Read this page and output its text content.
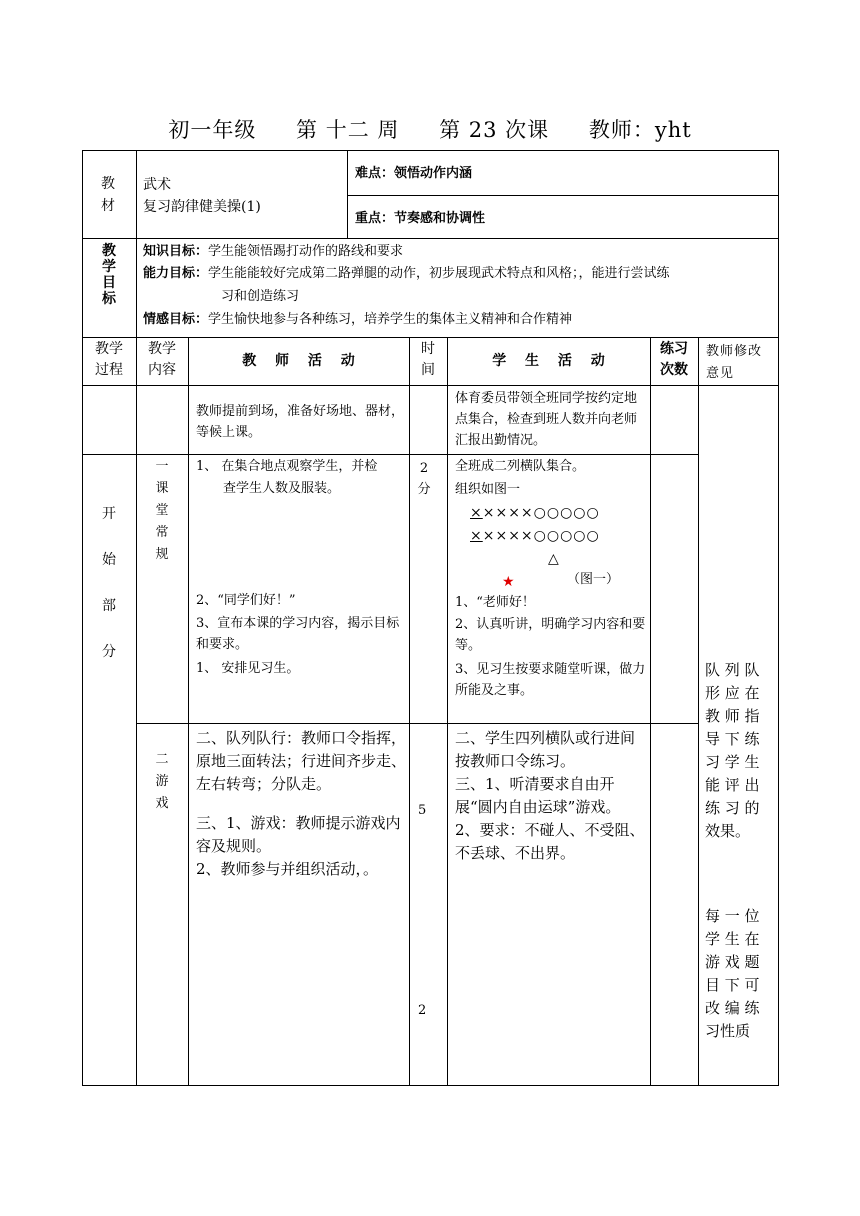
初一年级 第 十二 周 第 23 次课 教师：yht
教
材
武术
复习韵律健美操(1)
难点：领悟动作内涵
重点：节奏感和协调性
教
学
目
标
知识目标：学生能领悟踢打动作的路线和要求
能力目标：学生能能较好完成第二路弹腿的动作，初步展现武术特点和风格；，能进行尝试练
习和创造练习
情感目标：学生愉快地参与各种练习，培养学生的集体主义精神和合作精神
教学
过程
教学
内容
教 师 活 动
时
间
学 生 活 动
练习
次数
教师修改
意见
教师提前到场，准备好场地、器材，等候上课。
体育委员带领全班同学按约定地点集合，检查到班人数并向老师汇报出勤情况。
开

始

部

分
一
课
堂
常
规
1、 在集合地点观察学生，并检
查学生人数及服装。
2、“同学们好！”
3、宣布本课的学习内容，揭示目标和要求。
1、 安排见习生。
2
分
全班成二列横队集合。
组织如图一
×××××○○○○○
×××××○○○○○
△
★	（图一）
1、“老师好！
2、认真听讲，明确学习内容和要等。
3、见习生按要求随堂听课，做力所能及之事。
二
游
戏
二、队列队行：教师口令指挥，原地三面转法；行进间齐步走、左右转弯；分队走。
三、1、游戏：教师提示游戏内容及规则。
2、教师参与并组织活动，。
5
2
二、学生四列横队或行进间按教师口令练习。
三、1、听清要求自由开展“圆内自由运球”游戏。
2、要求：不碰人、不受阻、不丢球、不出界。
队 列 队 形 应 在 教 师 指 导 下 练 习 学 生 能 评 出 练 习 的 效果。
每 一 位 学 生 在 游 戏 题 目 下 可 改 编 练 习性质
